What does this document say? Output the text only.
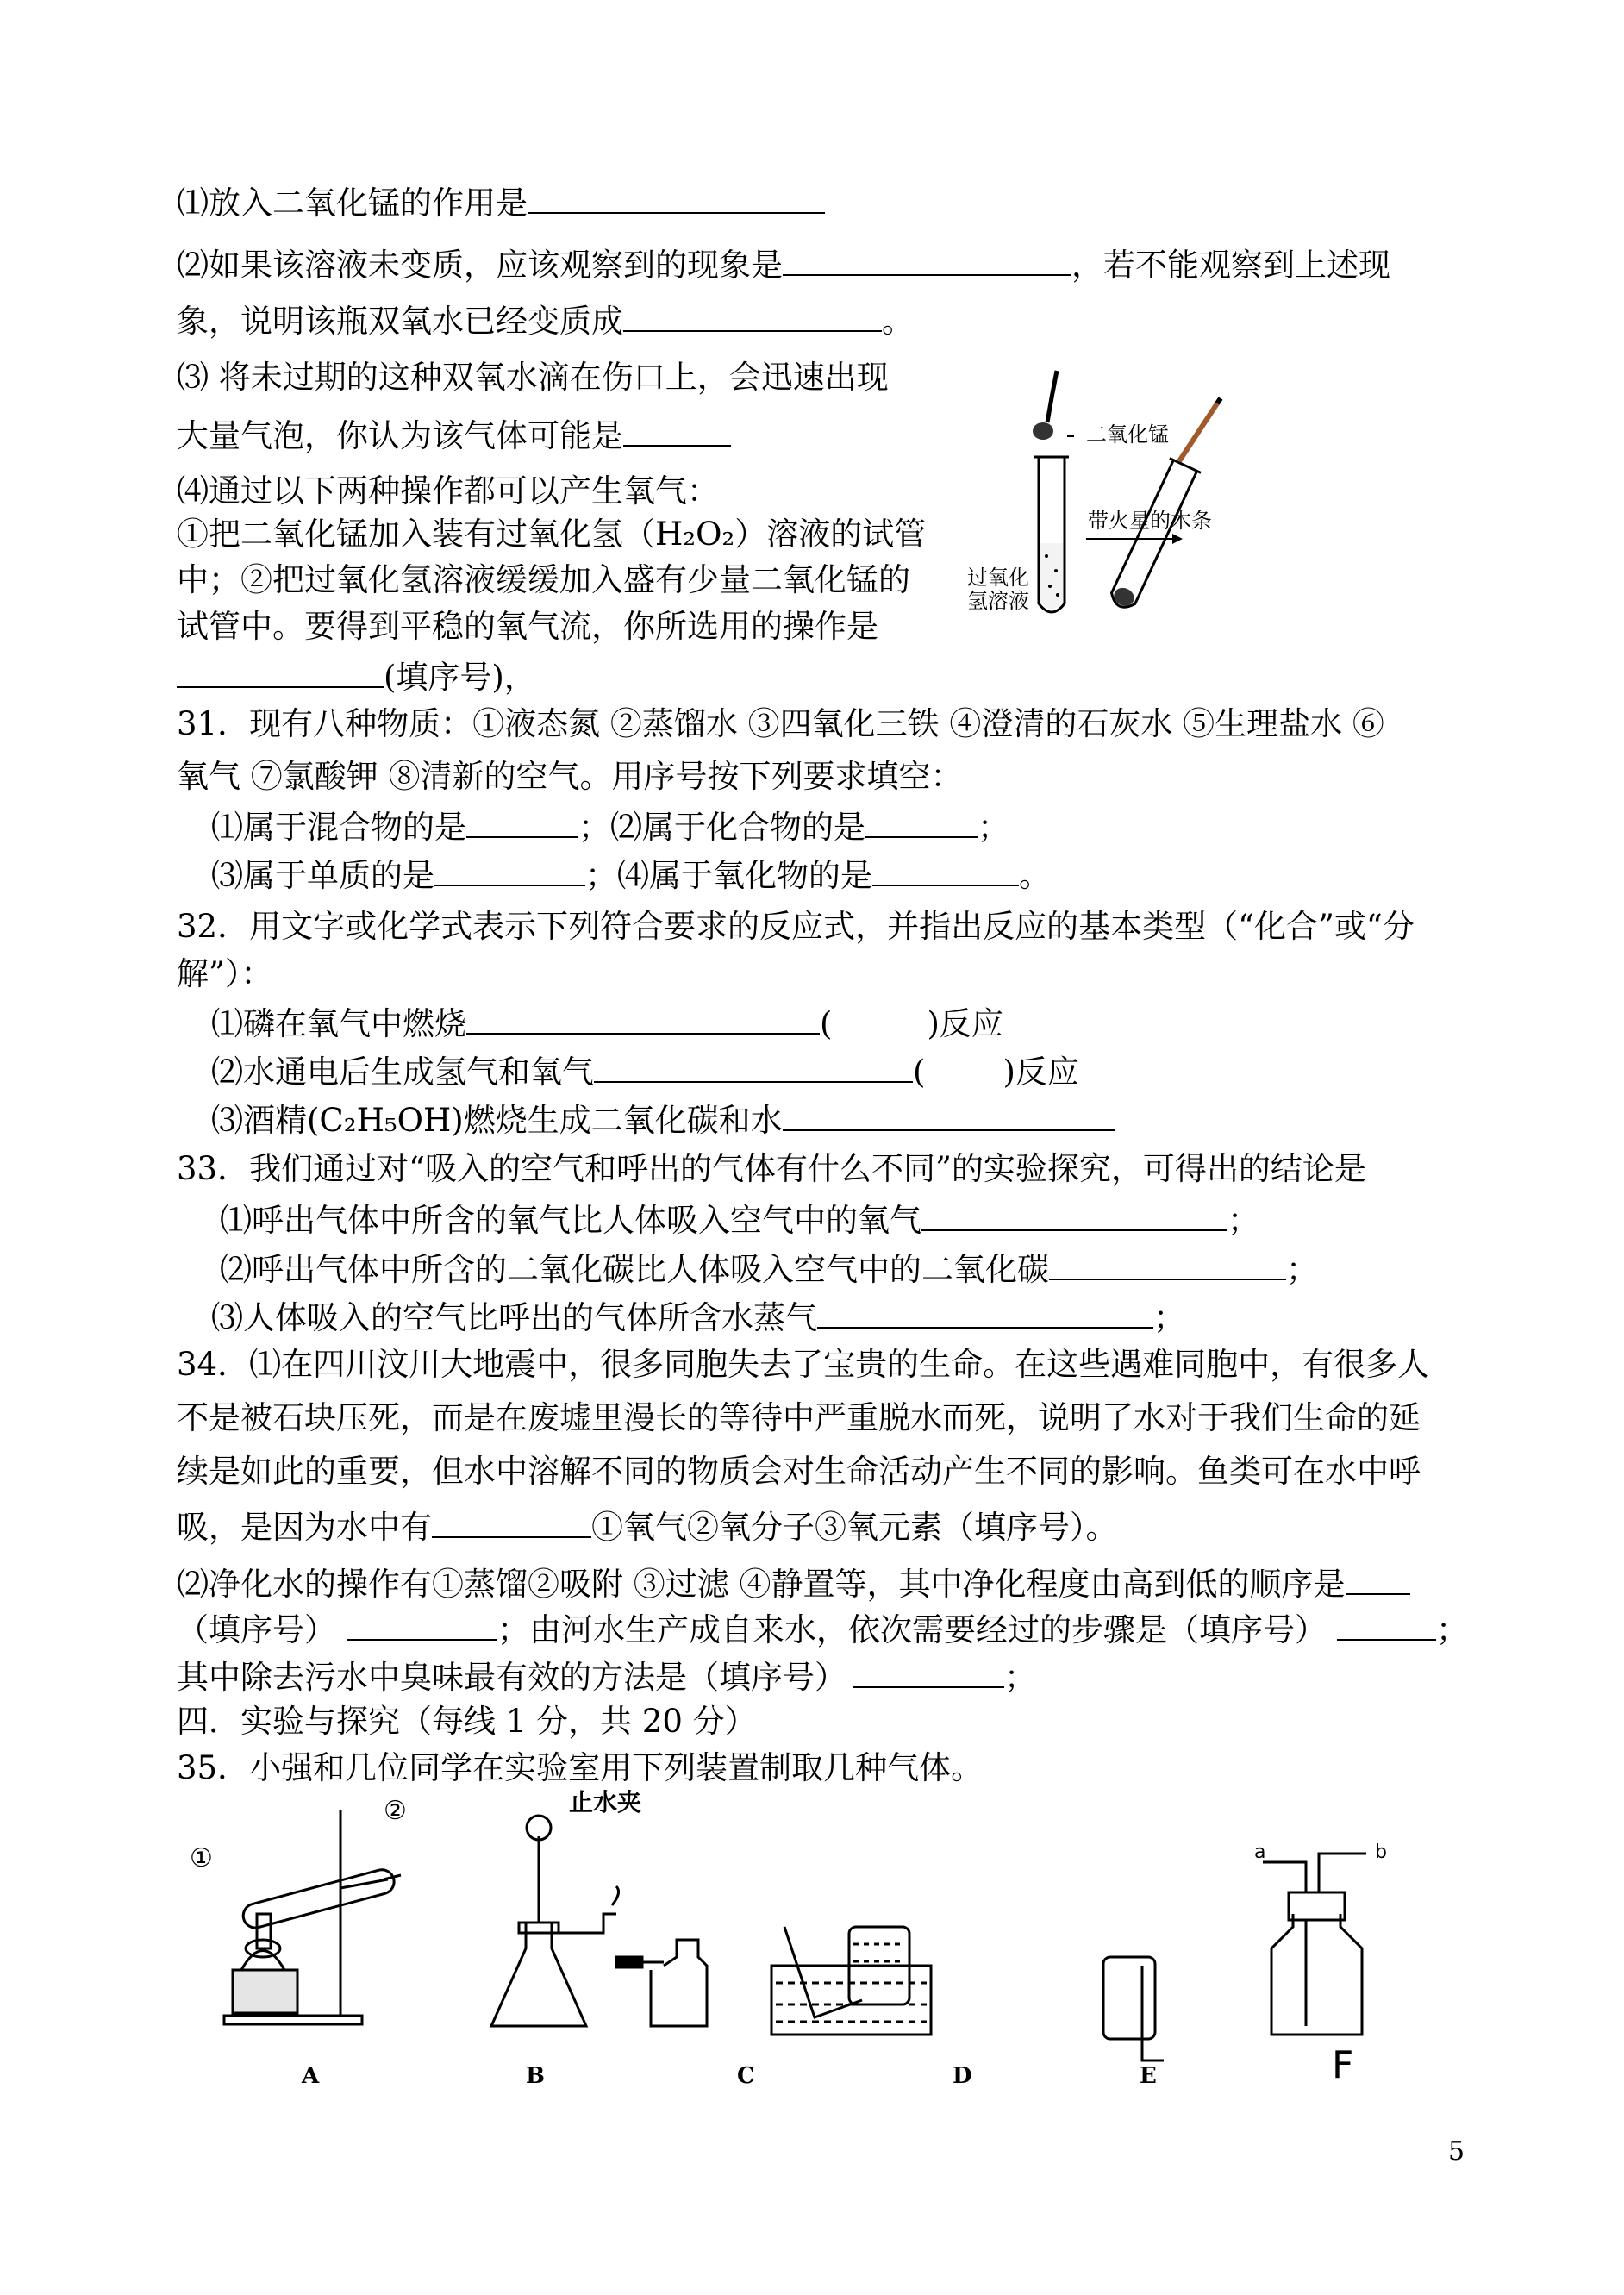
⑴放入二氧化锰的作用是
⑵如果该溶液未变质，应该观察到的现象是	，若不能观察到上述现
象，说明该瓶双氧水已经变质成	。
⑶ 将未过期的这种双氧水滴在伤口上，会迅速出现
大量气泡，你认为该气体可能是
⑷通过以下两种操作都可以产生氧气：
①把二氧化锰加入装有过氧化氢（H₂O₂）溶液的试管
中；②把过氧化氢溶液缓缓加入盛有少量二氧化锰的
试管中。要得到平稳的氧气流，你所选用的操作是
(填序号)，
二氧化锰
带火星的木条
过氧化
氢溶液
31．现有八种物质：①液态氮 ②蒸馏水 ③四氧化三铁 ④澄清的石灰水 ⑤生理盐水 ⑥
氧气 ⑦氯酸钾 ⑧清新的空气。用序号按下列要求填空：
⑴属于混合物的是	；⑵属于化合物的是	；
⑶属于单质的是	；⑷属于氧化物的是	。
32．用文字或化学式表示下列符合要求的反应式，并指出反应的基本类型（“化合”或“分
解”）：
⑴磷在氧气中燃烧	(	)反应
⑵水通电后生成氢气和氧气	( )反应
⑶酒精(C₂H₅OH)燃烧生成二氧化碳和水
33．我们通过对“吸入的空气和呼出的气体有什么不同”的实验探究，可得出的结论是
⑴呼出气体中所含的氧气比人体吸入空气中的氧气	；
⑵呼出气体中所含的二氧化碳比人体吸入空气中的二氧化碳	；
⑶人体吸入的空气比呼出的气体所含水蒸气	；
34．⑴在四川汶川大地震中，很多同胞失去了宝贵的生命。在这些遇难同胞中，有很多人
不是被石块压死，而是在废墟里漫长的等待中严重脱水而死，说明了水对于我们生命的延
续是如此的重要，但水中溶解不同的物质会对生命活动产生不同的影响。鱼类可在水中呼
吸，是因为水中有	①氧气②氧分子③氧元素（填序号）。
⑵净化水的操作有①蒸馏②吸附 ③过滤 ④静置等，其中净化程度由高到低的顺序是
（填序号）	；由河水生产成自来水，依次需要经过的步骤是（填序号）	；
其中除去污水中臭味最有效的方法是（填序号）	；
四．实验与探究（每线 1 分，共 20 分）
35．小强和几位同学在实验室用下列装置制取几种气体。
①
②	止水夹
a	b
A	B	C	D	E	F
5
